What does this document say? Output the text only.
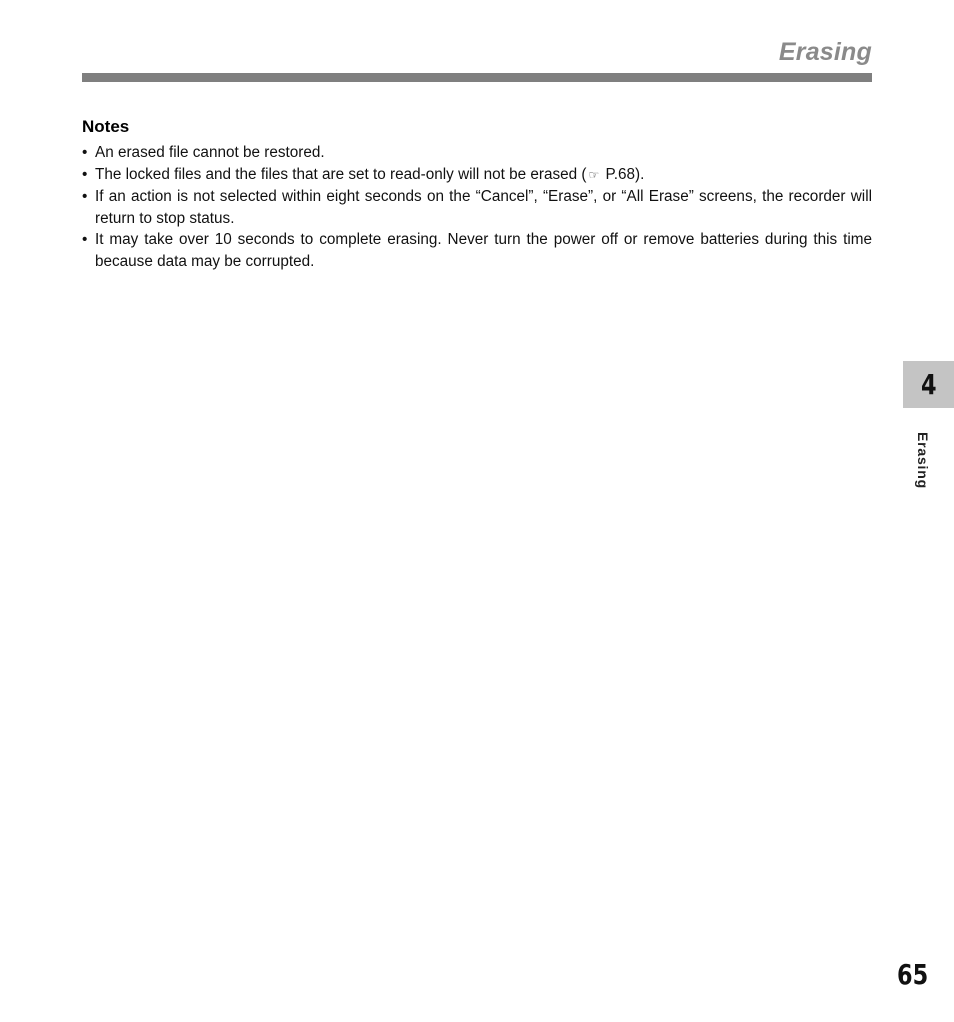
Erasing
Notes
• An erased file cannot be restored.
• The locked files and the files that are set to read-only will not be erased ( ☞ P.68).
• If an action is not selected within eight seconds on the “Cancel”, “Erase”, or “All Erase” screens, the recorder will return to stop status.
• It may take over 10 seconds to complete erasing. Never turn the power off or remove batteries during this time because data may be corrupted.
4
Erasing
65
